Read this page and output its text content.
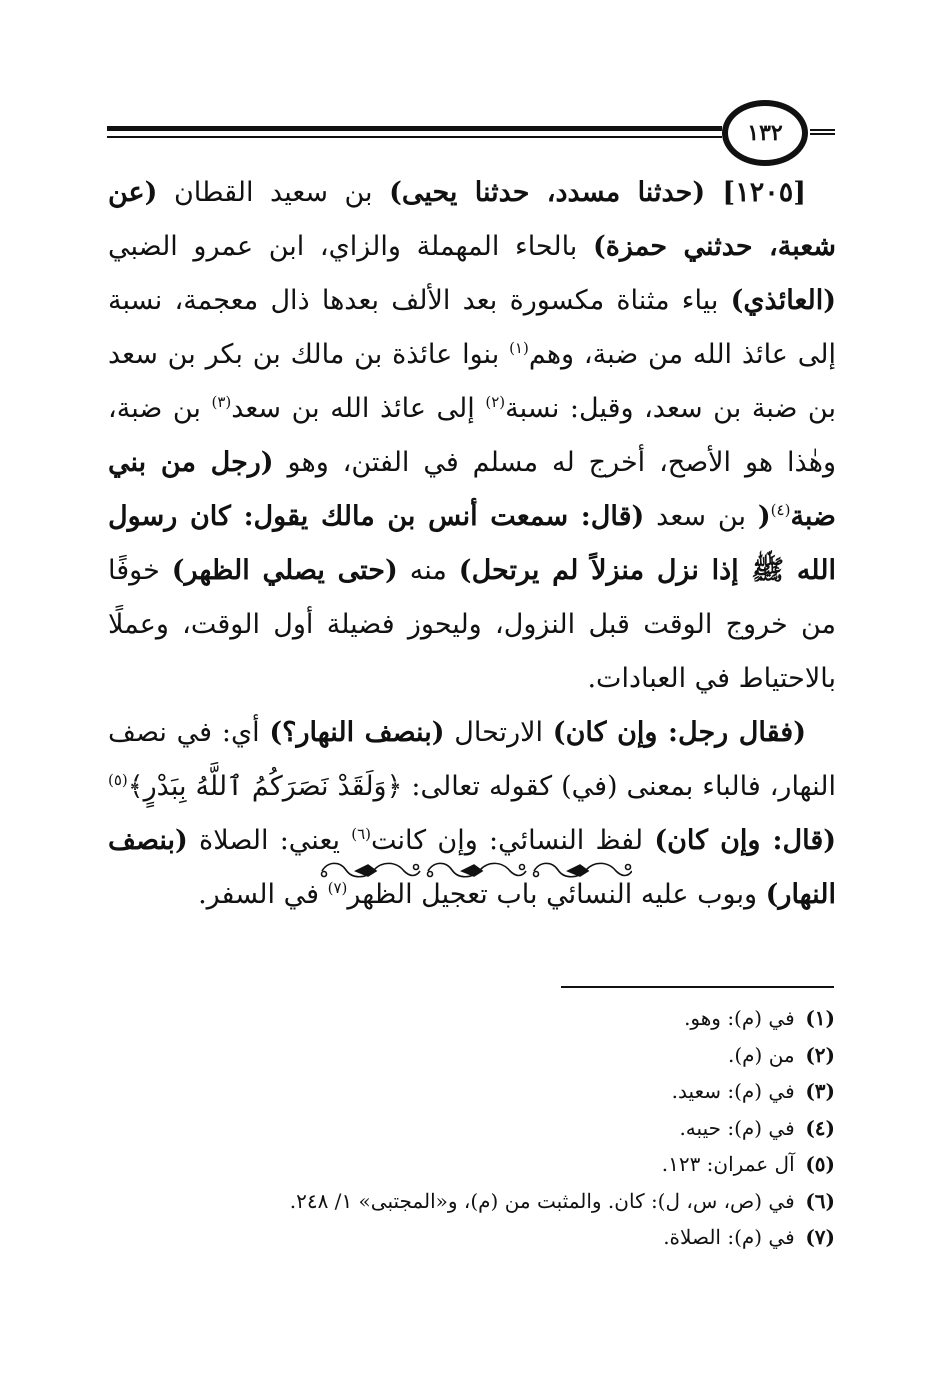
١٣٢

[١٢٠٥] (حدثنا مسدد، حدثنا يحيى) بن سعيد القطان (عن شعبة، حدثني حمزة) بالحاء المهملة والزاي، ابن عمرو الضبي (العائذي) بياء مثناة مكسورة بعد الألف بعدها ذال معجمة، نسبة إلى عائذ الله من ضبة، وهم$^{(١)}$ بنوا عائذة بن مالك بن بكر بن سعد بن ضبة بن سعد، وقيل: نسبة$^{(٢)}$ إلى عائذ الله بن سعد$^{(٣)}$ بن ضبة، وهٰذا هو الأصح، أخرج له مسلم في الفتن، وهو (رجل من بني ضبة$^{(٤)}$( بن سعد (قال: سمعت أنس بن مالك يقول: كان رسول الله ﷺ إذا نزل منزلاً لم يرتحل) منه (حتى يصلي الظهر) خوفًا من خروج الوقت قبل النزول، وليحوز فضيلة أول الوقت، وعملًا بالاحتياط في العبادات.

(فقال رجل: وإن كان) الارتحال (بنصف النهار؟) أي: في نصف النهار، فالباء بمعنى (في) كقوله تعالى: ﴿وَلَقَدْ نَصَرَكُمُ ٱللَّهُ بِبَدْرٍ﴾$^{(٥)}$ (قال: وإن كان) لفظ النسائي: وإن كانت$^{(٦)}$ يعني: الصلاة (بنصف النهار) وبوب عليه النسائي باب تعجيل الظهر$^{(٧)}$ في السفر.

(١) في (م): وهو.
(٢) من (م).
(٣) في (م): سعيد.
(٤) في (م): حيبه.
(٥) آل عمران: ١٢٣.
(٦) في (ص، س، ل): كان. والمثبت من (م)، و«المجتبى» ١/ ٢٤٨.
(٧) في (م): الصلاة.
